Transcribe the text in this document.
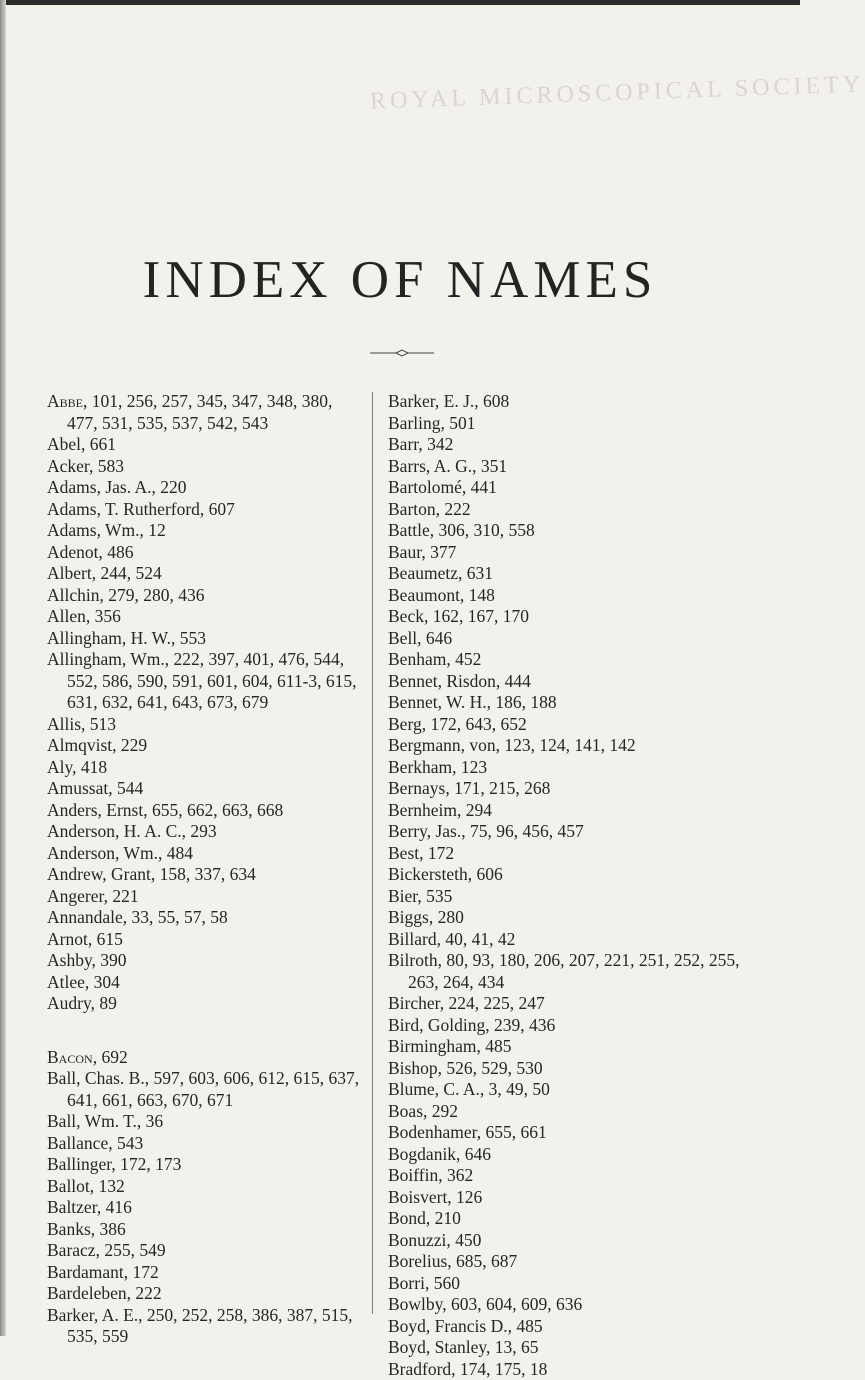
ROYAL MICROSCOPICAL SOCIETY
INDEX OF NAMES

Abbe, 101, 256, 257, 345, 347, 348, 380,
477, 531, 535, 537, 542, 543

Abel, 661

Acker, 583

Adams, Jas. A., 220

Adams, T. Rutherford, 607

Adams, Wm., 12

Adenot, 486

Albert, 244, 524

Allchin, 279, 280, 436

Allen, 356

Allingham, H. W., 553

Allingham, Wm., 222, 397, 401, 476, 544, 552, 586, 590, 591, 601, 604, 611-3, 615, 631, 632, 641, 643, 673, 679

Allis, 513

Almqvist, 229

Aly, 418

Amussat, 544

Anders, Ernst, 655, 662, 663, 668

Anderson, H. A. C., 293

Anderson, Wm., 484

Andrew, Grant, 158, 337, 634

Angerer, 221

Annandale, 33, 55, 57, 58

Arnot, 615

Ashby, 390

Atlee, 304

Audry, 89

Bacon, 692

Ball, Chas. B., 597, 603, 606, 612, 615, 637, 641, 661, 663, 670, 671

Ball, Wm. T., 36

Ballance, 543

Ballinger, 172, 173

Ballot, 132

Baltzer, 416

Banks, 386

Baracz, 255, 549

Bardamant, 172

Bardeleben, 222

Barker, A. E., 250, 252, 258, 386, 387, 515, 535, 559

Barker, E. J., 608

Barling, 501

Barr, 342

Barrs, A. G., 351

Bartolomé, 441

Barton, 222

Battle, 306, 310, 558

Baur, 377

Beaumetz, 631

Beaumont, 148

Beck, 162, 167, 170

Bell, 646

Benham, 452

Bennet, Risdon, 444

Bennet, W. H., 186, 188

Berg, 172, 643, 652

Bergmann, von, 123, 124, 141, 142

Berkham, 123

Bernays, 171, 215, 268

Bernheim, 294

Berry, Jas., 75, 96, 456, 457

Best, 172

Bickersteth, 606

Bier, 535

Biggs, 280

Billard, 40, 41, 42

Bilroth, 80, 93, 180, 206, 207, 221, 251, 252, 255, 263, 264, 434

Bircher, 224, 225, 247

Bird, Golding, 239, 436

Birmingham, 485

Bishop, 526, 529, 530

Blume, C. A., 3, 49, 50

Boas, 292

Bodenhamer, 655, 661

Bogdanik, 646

Boiffin, 362

Boisvert, 126

Bond, 210

Bonuzzi, 450

Borelius, 685, 687

Borri, 560

Bowlby, 603, 604, 609, 636

Boyd, Francis D., 485

Boyd, Stanley, 13, 65

Bradford, 174, 175, 18
